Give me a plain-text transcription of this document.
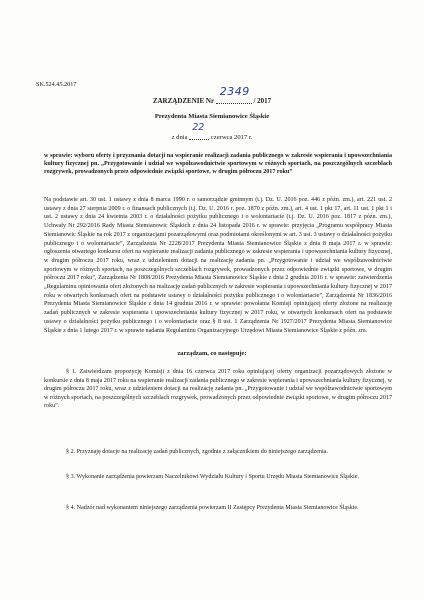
SK.524.45.2017
ZARZĄDZENIE Nr
2349
/ 2017
Prezydenta Miasta Siemianowice Śląskie
z dnia
22
czerwca 2017 r.
w sprawie: wyboru oferty i przyznania dotacji na wspieranie realizacji zadania publicznego w zakresie wspierania i upowszechniania kultury fizycznej pn. „Przygotowanie i udział we współzawodnictwie sportowym w różnych sportach, na poszczególnych szczeblach rozgrywek, prowadzonych przez odpowiednie związki sportowe, w drugim półroczu 2017 roku”
Na podstawie art. 30 ust. 1 ustawy z dnia 8 marca 1990 r. o samorządzie gminnym (t.j. Dz. U. 2016 poz. 446 z późn. zm.), art. 221 ust. 2 ustawy z dnia 27 sierpnia 2009 r. o finansach publicznych (t.j. Dz. U. 2016 r. poz. 1870 z późn. zm.), art. 4 ust. 1 pkt 17, art. 11 ust. 1 pkt 1 i ust. 2 ustawy z dnia 24 kwietnia 2003 r. o działalności pożytku publicznego i o wolontariacie (t.j. Dz. U. 2016 poz. 1817 z późn. zm.), Uchwały Nr 292/2016 Rady Miasta Siemianowic Śląskich z dnia 24 listopada 2016 r. w sprawie: przyjęcia „Programu współpracy Miasta Siemianowic Śląskie na rok 2017 z organizacjami pozarządowymi oraz podmiotami określonymi w art. 3 ust. 3 ustawy o działalności pożytku publicznego i o wolontariacie”, Zarządzenia Nr 2228/2017 Prezydenta Miasta Siemianowice Śląskie z dnia 8 maja 2017 r. w sprawie: ogłoszenia otwartego konkursu ofert na wspieranie realizacji zadania publicznego w zakresie wspierania i upowszechniania kultury fizycznej, w drugim półroczu 2017 roku, wraz z udzieleniem dotacji na realizację zadania pn. „Przygotowanie i udział we współzawodnictwie sportowym w różnych sportach, na poszczególnych szczeblach rozgrywek, prowadzonych przez odpowiednie związki sportowe, w drugim półroczu 2017 roku”, Zarządzenia Nr 1808/2016 Prezydenta Miasta Siemianowice Śląskie z dnia 2 grudnia 2016 r. w sprawie: zatwierdzenia „Regulaminu opiniowania ofert złożonych na realizację zadań publicznych w zakresie wspierania i upowszechniania kultury fizycznej w 2017 roku w otwartych konkursach ofert na podstawie ustawy o działalności pożytku publicznego i o wolontariacie”, Zarządzenia Nr 1836/2016 Prezydenta Miasta Siemianowice Śląskie z dnia 14 grudnia 2016 r. w sprawie: powołania Komisji opiniującej oferty złożone na realizację zadań publicznych w zakresie wspierania i upowszechniania kultury fizycznej w 2017 roku, w otwartych konkursach ofert na podstawie ustawy o działalności pożytku publicznego i o wolontariacie oraz § 8 ust. 1 Zarządzenia Nr 1927/2017 Prezydenta Miasta Siemianowice Śląskie z dnia 1 lutego 2017 r. w sprawie nadania Regulaminu Organizacyjnego Urzędowi Miasta Siemianowice Śląskie z późn. zm.
zarządzam, co następuje:
§ 1. Zatwierdzam propozycję Komisji z dnia 16 czerwca 2017 roku opiniującej oferty organizacji pozarządowych złożone w konkursie z dnia 8 maja 2017 roku na wspieranie realizacji zadania publicznego w zakresie wspierania i upowszechniania kultury fizycznej, w drugim półroczu 2017 roku, wraz z udzieleniem dotacji na realizację zadania pn. „Przygotowanie i udział we współzawodnictwie sportowym w różnych sportach, na poszczególnych szczeblach rozgrywek, prowadzonych przez odpowiednie związki sportowe, w drugim półroczu 2017 roku”.
§ 2. Przyznaję dotacje na realizację zadań publicznych, zgodnie z załącznikiem do niniejszego zarządzenia.
§ 3. Wykonanie zarządzenia powierzam Naczelnikowi Wydziału Kultury i Sportu Urzędu Miasta Siemianowice Śląskie.
§ 4. Nadzór nad wykonaniem niniejszego zarządzenia powierzam II Zastępcy Prezydenta Miasta Siemianowice Śląskie.
